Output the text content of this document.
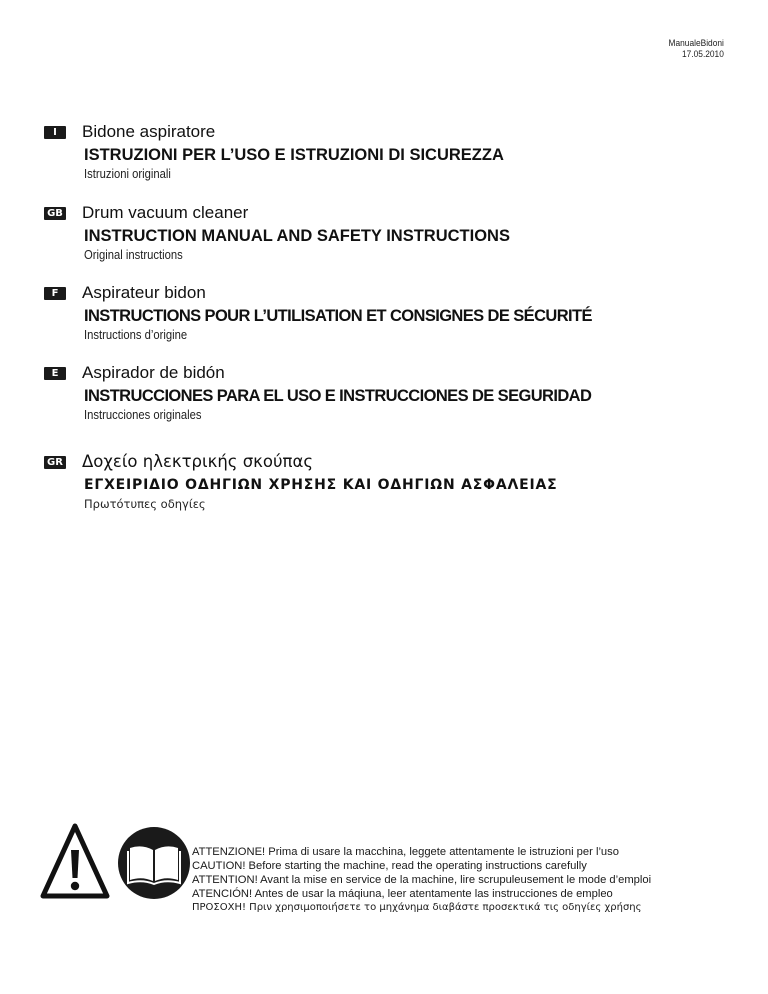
ManualeBidoni
17.05.2010
I	Bidone aspiratore
ISTRUZIONI PER L’USO E ISTRUZIONI DI SICUREZZA
Istruzioni originali
GB Drum vacuum cleaner
INSTRUCTION MANUAL AND SAFETY INSTRUCTIONS
Original instructions
F	Aspirateur bidon
INSTRUCTIONS POUR L’UTILISATION ET CONSIGNES DE SÉCURITÉ
Instructions d’origine
E	Aspirador de bidón
INSTRUCCIONES PARA EL USO E INSTRUCCIONES DE SEGURIDAD
Instrucciones originales
GR Δοχείο ηλεκτρικής σκούπας
ΕΓΧΕΙΡΙΔΙΟ ΟΔΗΓΙΩΝ ΧΡΗΣΗΣ ΚΑΙ ΟΔΗΓΙΩΝ ΑΣΦΑΛΕΙΑΣ
Πρωτότυπες οδηγίες
ATTENZIONE! Prima di usare la macchina, leggete attentamente le istruzioni per l’uso
CAUTION! Before starting the machine, read the operating instructions carefully
ATTENTION! Avant la mise en service de la machine, lire scrupuleusement le mode d’emploi
ATENCIÓN! Antes de usar la máqiuna, leer atentamente las instrucciones de empleo
ΠΡΟΣΟΧΗ! Πριν χρησιμοποιήσετε το μηχάνημα διαβάστε προσεκτικά τις οδηγίες χρήσης
